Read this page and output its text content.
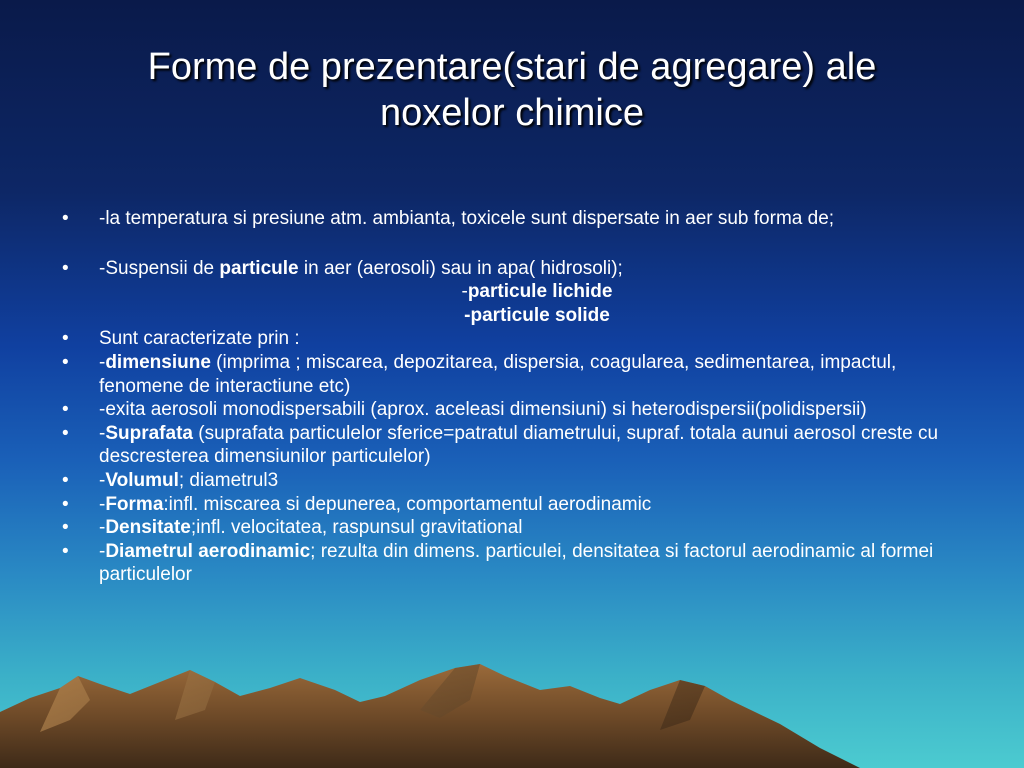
Forme de prezentare(stari de agregare) ale
noxelor chimice
• -la temperatura si presiune atm. ambianta, toxicele sunt dispersate in aer sub forma de;
• -Suspensii de particule in aer (aerosoli) sau in apa( hidrosoli);
-particule lichide
-particule solide
• Sunt caracterizate prin :
• -dimensiune (imprima ; miscarea, depozitarea, dispersia, coagularea, sedimentarea, impactul, fenomene de interactiune etc)
• -exita aerosoli monodispersabili (aprox. aceleasi dimensiuni) si heterodispersii(polidispersii)
• -Suprafata (suprafata particulelor sferice=patratul diametrului, supraf. totala aunui aerosol creste cu descresterea dimensiunilor particulelor)
• -Volumul; diametrul3
• -Forma:infl. miscarea si depunerea, comportamentul aerodinamic
• -Densitate;infl. velocitatea, raspunsul gravitational
• -Diametrul aerodinamic; rezulta din dimens. particulei, densitatea si factorul aerodinamic al formei particulelor
